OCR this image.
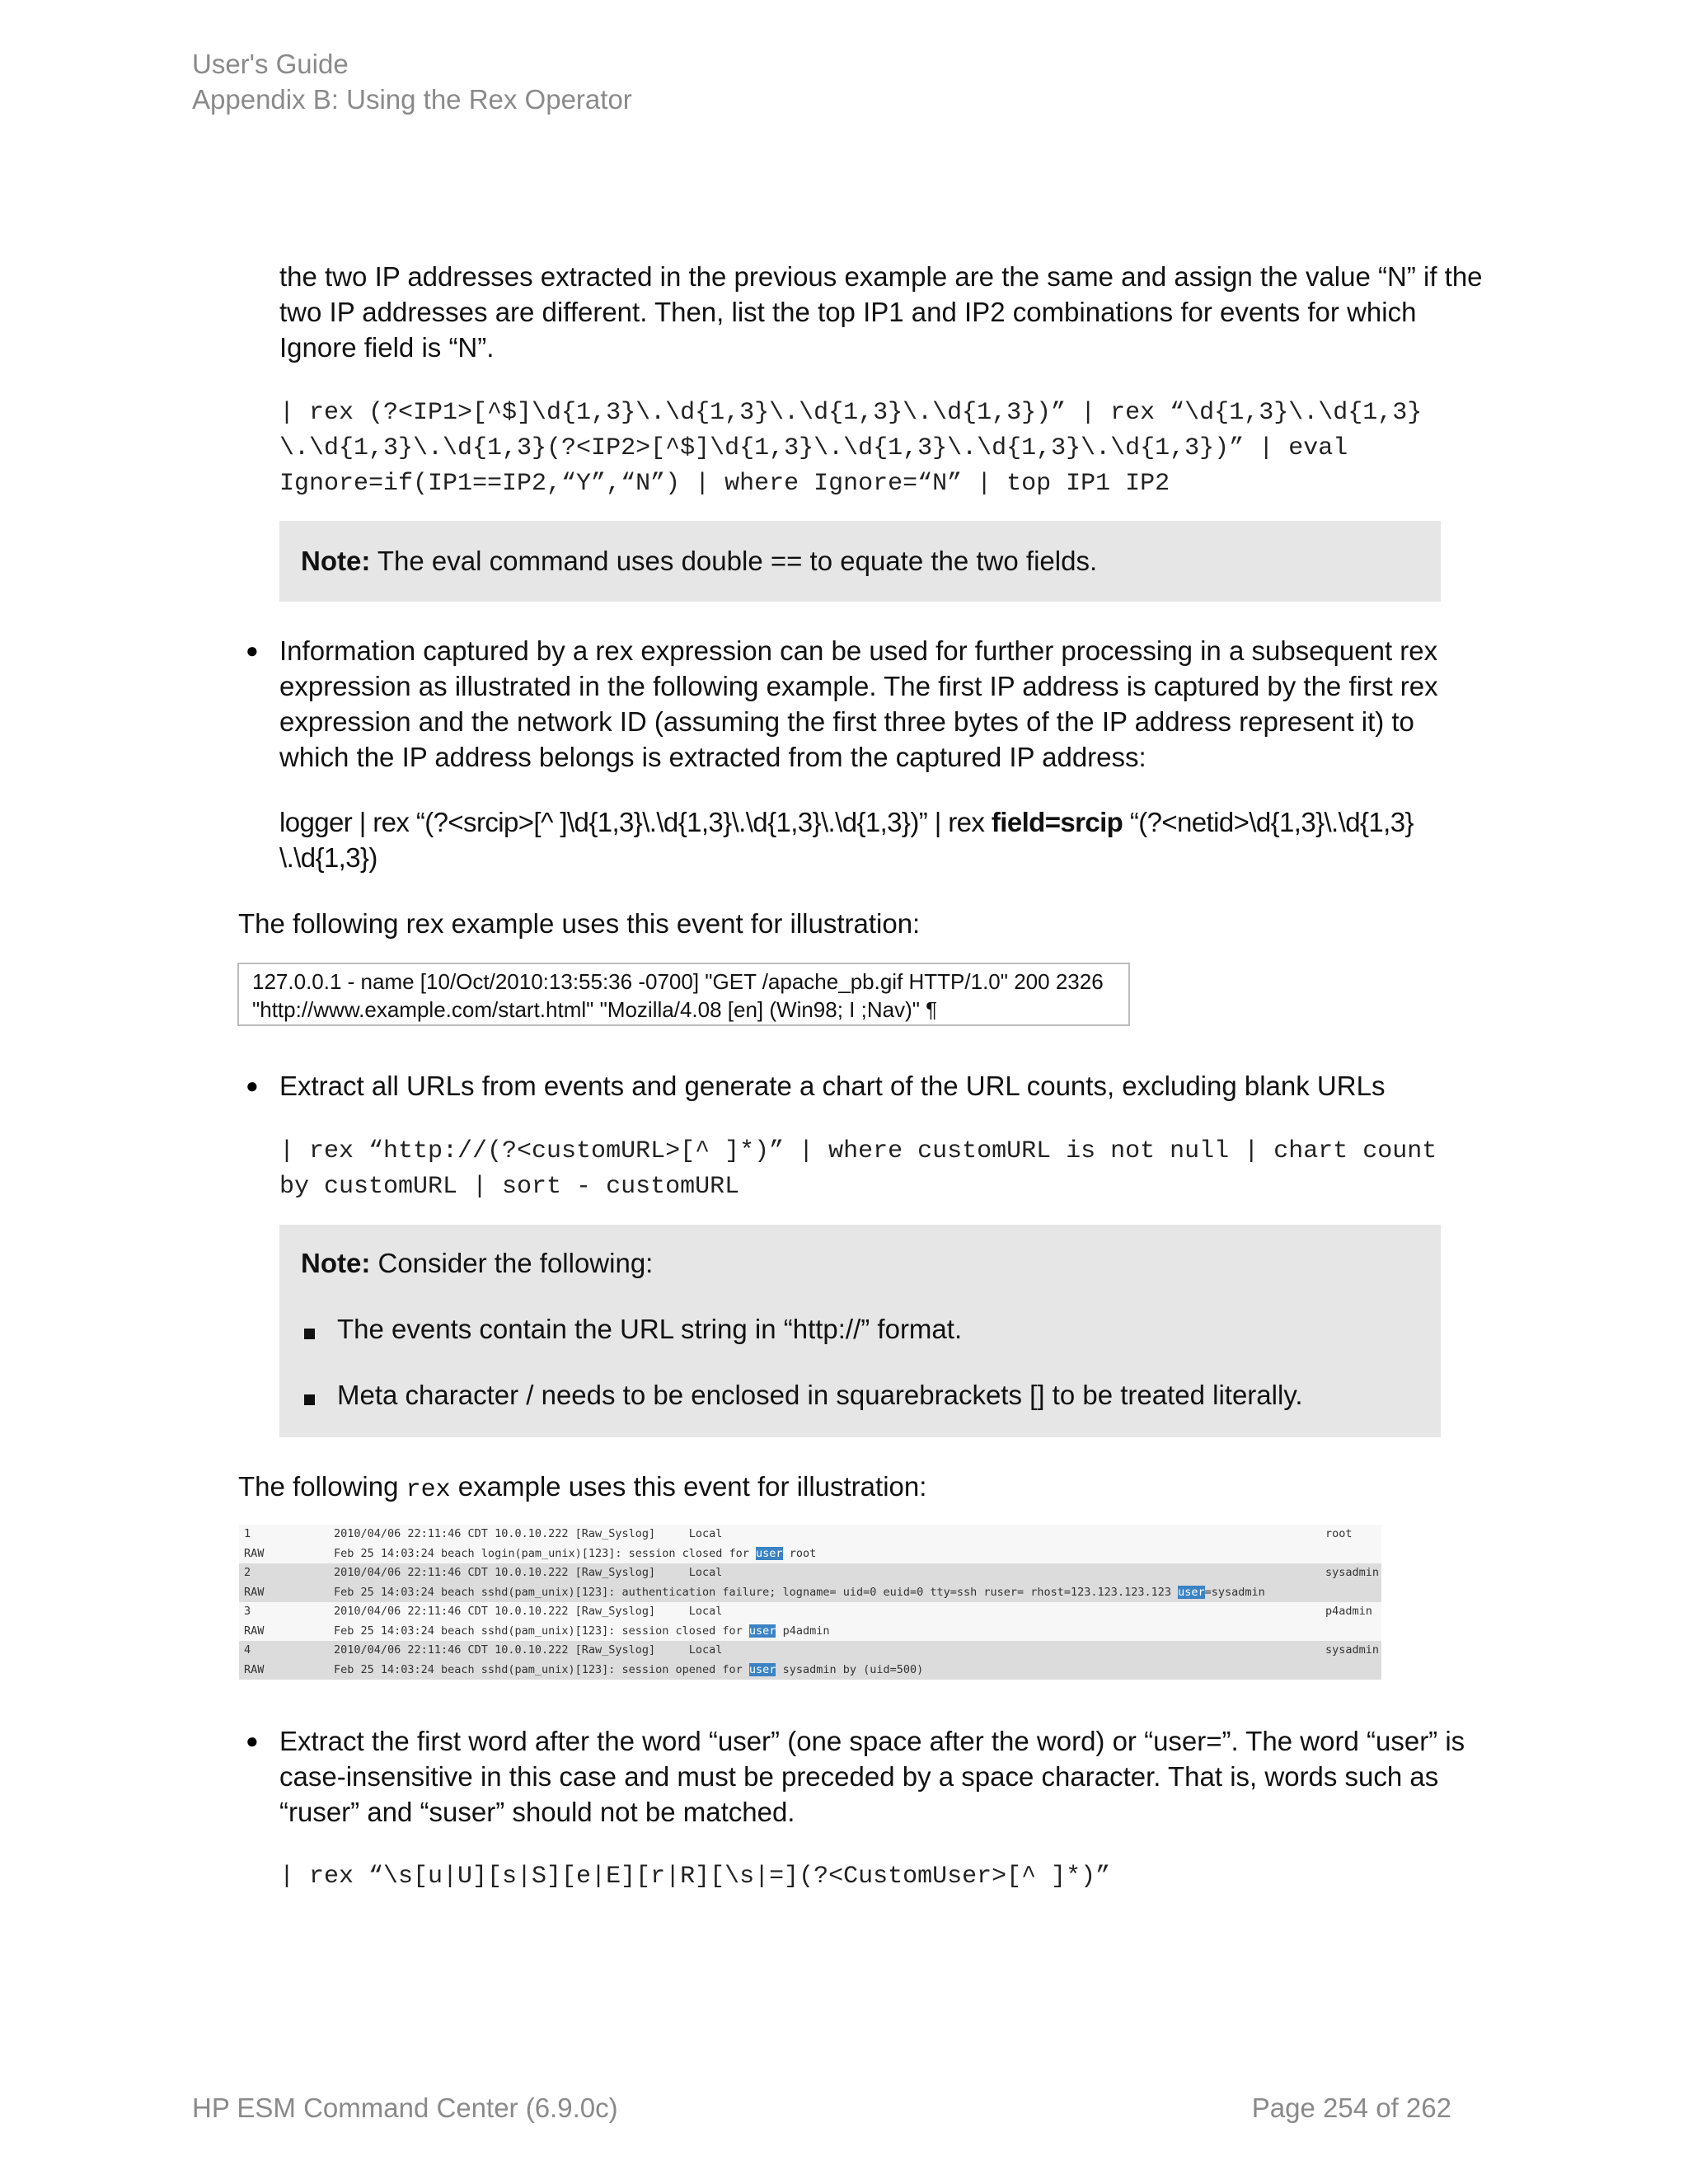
User's Guide
Appendix B: Using the Rex Operator
the two IP addresses extracted in the previous example are the same and assign the value “N” if the
two IP addresses are different. Then, list the top IP1 and IP2 combinations for events for which
Ignore field is “N”.
| rex (?<IP1>[^$]\d{1,3}\.\d{1,3}\.\d{1,3}\.\d{1,3})” | rex “\d{1,3}\.\d{1,3}
\.\d{1,3}\.\d{1,3}(?<IP2>[^$]\d{1,3}\.\d{1,3}\.\d{1,3}\.\d{1,3})” | eval
Ignore=if(IP1==IP2,“Y”,“N”) | where Ignore=“N” | top IP1 IP2
Note: The eval command uses double == to equate the two fields.
● Information captured by a rex expression can be used for further processing in a subsequent rex
expression as illustrated in the following example. The first IP address is captured by the first rex
expression and the network ID (assuming the first three bytes of the IP address represent it) to
which the IP address belongs is extracted from the captured IP address:
logger | rex “(?<srcip>[^ ]\d{1,3}\.\d{1,3}\.\d{1,3}\.\d{1,3})” | rex field=srcip “(?<netid>\d{1,3}\.\d{1,3}
\.\d{1,3})
The following rex example uses this event for illustration:
127.0.0.1 - name [10/Oct/2010:13:55:36 -0700] "GET /apache_pb.gif HTTP/1.0" 200 2326
"http://www.example.com/start.html" "Mozilla/4.08 [en] (Win98; I ;Nav)" ¶
● Extract all URLs from events and generate a chart of the URL counts, excluding blank URLs
| rex “http://(?<customURL>[^ ]*)” | where customURL is not null | chart count
by customURL | sort - customURL
Note: Consider the following:
The events contain the URL string in “http://” format.
Meta character / needs to be enclosed in squarebrackets [] to be treated literally.
The following rex example uses this event for illustration:
1	2010/04/06 22:11:46 CDT 10.0.10.222 [Raw_Syslog]     Local	root
RAW	Feb 25 14:03:24 beach login(pam_unix)[123]: session closed for user root
2	2010/04/06 22:11:46 CDT 10.0.10.222 [Raw_Syslog]     Local	sysadmin
RAW	Feb 25 14:03:24 beach sshd(pam_unix)[123]: authentication failure; logname= uid=0 euid=0 tty=ssh ruser= rhost=123.123.123.123 user=sysadmin
3	2010/04/06 22:11:46 CDT 10.0.10.222 [Raw_Syslog]     Local	p4admin
RAW	Feb 25 14:03:24 beach sshd(pam_unix)[123]: session closed for user p4admin
4	2010/04/06 22:11:46 CDT 10.0.10.222 [Raw_Syslog]     Local	sysadmin
RAW	Feb 25 14:03:24 beach sshd(pam_unix)[123]: session opened for user sysadmin by (uid=500)
● Extract the first word after the word “user” (one space after the word) or “user=”. The word “user” is
case-insensitive in this case and must be preceded by a space character. That is, words such as
“ruser” and “suser” should not be matched.
| rex “\s[u|U][s|S][e|E][r|R][\s|=](?<CustomUser>[^ ]*)”
HP ESM Command Center (6.9.0c)	Page 254 of 262
